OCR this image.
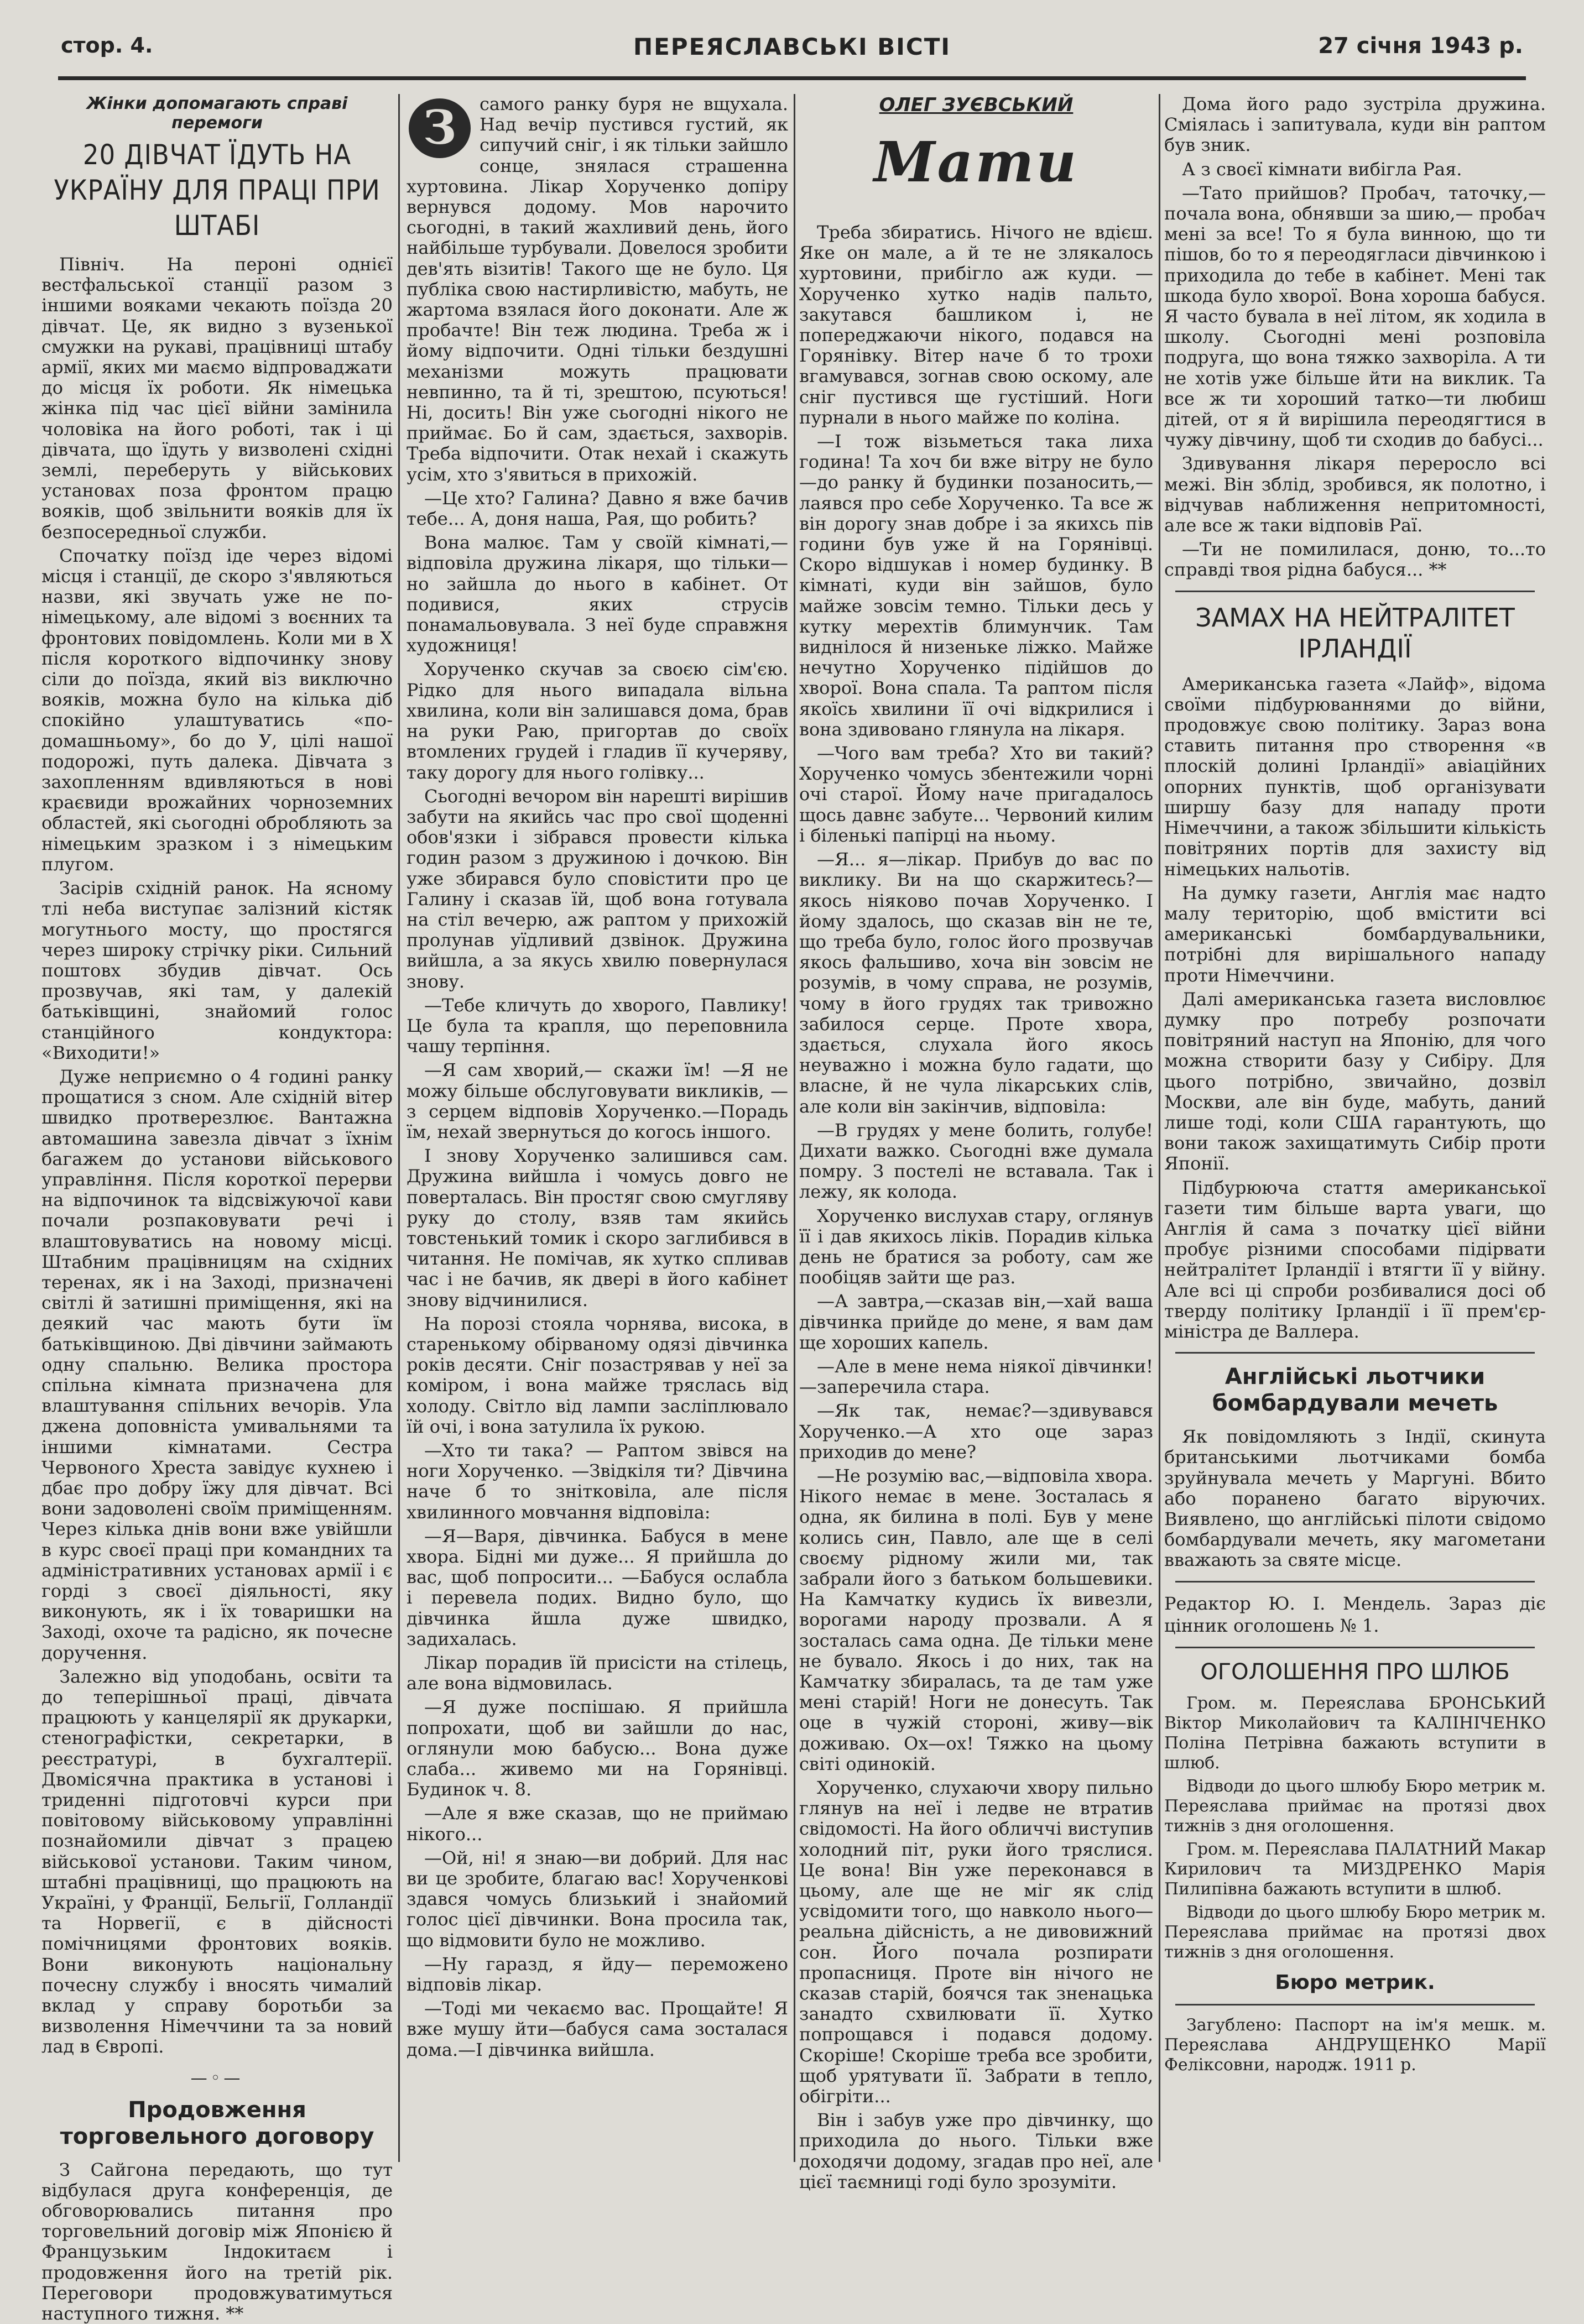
стор. 4.	ПЕРЕЯСЛАВСЬКІ ВІСТІ	27 січня 1943 р.
Жінки допомагають справі перемоги
20 ДІВЧАТ ЇДУТЬ НА УКРАЇНУ ДЛЯ ПРАЦІ ПРИ ШТАБІ

Північ. На пероні однієї вестфальської станції разом з іншими вояками чекають поїзда 20 дівчат. Це, як видно з вузенької смужки на рукаві, працівниці штабу армії, яких ми маємо відпроваджати до місця їх роботи. Як німецька жінка під час цієї війни замінила чоловіка на його роботі, так і ці дівчата, що їдуть у визволені східні землі, переберуть у військових установах поза фронтом працю вояків, щоб звільнити вояків для їх безпосередньої служби.

Спочатку поїзд іде через відомі місця і станції, де скоро з'являються назви, які звучать уже не по-німецькому, але відомі з воєнних та фронтових повідомлень. Коли ми в Х після короткого відпочинку знову сіли до поїзда, який віз виключно вояків, можна було на кілька діб спокійно улаштуватись «по-домашньому», бо до У, цілі нашої подорожі, путь далека. Дівчата з захопленням вдивляються в нові краєвиди врожайних чорноземних областей, які сьогодні обробляють за німецьким зразком і з німецьким плугом.

Засірів східній ранок. На ясному тлі неба виступає залізний кістяк могутнього мосту, що простягся через широку стрічку ріки. Сильний поштовх збудив дівчат. Ось прозвучав, які там, у далекій батьківщині, знайомий голос станційного кондуктора: «Виходити!»

Дуже неприємно о 4 годині ранку прощатися з сном. Але східній вітер швидко протверезлює. Вантажна автомашина завезла дівчат з їхнім багажем до установи військового управління. Після короткої перерви на відпочинок та відсвіжуючої кави почали розпаковувати речі і влаштовуватись на новому місці. Штабним працівницям на східних теренах, як і на Заході, призначені світлі й затишні приміщення, які на деякий час мають бути їм батьківщиною. Дві дівчини займають одну спальню. Велика простора спільна кімната призначена для влаштування спільних вечорів. Ула джена доповніста умивальнями та іншими кімнатами. Сестра Червоного Хреста завідує кухнею і дбає про добру їжу для дівчат. Всі вони задоволені своїм приміщенням. Через кілька днів вони вже увійшли в курс своєї праці при командних та адміністративних установах армії і є горді з своєї діяльності, яку виконують, як і їх товаришки на Заході, охоче та радісно, як почесне доручення.

Залежно від уподобань, освіти та до теперішньої праці, дівчата працюють у канцелярії як друкарки, стенографістки, секретарки, в реєстратурі, в бухгалтерії. Двомісячна практика в установі і триденні підготовчі курси при повітовому військовому управлінні познайомили дівчат з працею військової установи. Таким чином, штабні працівниці, що працюють на Україні, у Франції, Бельгії, Голландії та Норвегії, є в дійсності помічницями фронтових вояків. Вони виконують національну почесну службу і вносять чималий вклад у справу боротьби за визволення Німеччини та за новий лад в Європі.

—◦—
Продовження торговельного договору

З Сайгона передають, що тут відбулася друга конференція, де обговорювались питання про торговельний договір між Японією й Французьким Індокитаєм і продовження його на третій рік. Переговори продовжуватимуться наступного тижня. **

З	самого ранку буря не вщухала. Над вечір пустився густий, як сипучий сніг, і як тільки зайшло сонце, знялася страшенна хуртовина. Лікар Хорученко допіру вернувся додому. Мов нарочито сьогодні, в такий жахливий день, його найбільше турбували. Довелося зробити дев'ять візитів! Такого ще не було. Ця публіка свою настирливістю, мабуть, не жартома взялася його доконати. Але ж пробачте! Він теж людина. Треба ж і йому відпочити. Одні тільки бездушні механізми можуть працювати невпинно, та й ті, зрештою, псуються! Ні, досить! Він уже сьогодні нікого не приймає. Бо й сам, здається, захворів. Треба відпочити. Отак нехай і скажуть усім, хто з'явиться в прихожій.

—Це хто? Галина? Давно я вже бачив тебе... А, доня наша, Рая, що робить?

Вона малює. Там у своїй кімнаті,— відповіла дружина лікаря, що тільки— но зайшла до нього в кабінет. От подивися, яких струсів понамальовувала. З неї буде справжня художниця!

Хорученко скучав за своєю сім'єю. Рідко для нього випадала вільна хвилина, коли він залишався дома, брав на руки Раю, пригортав до своїх втомлених грудей і гладив її кучеряву, таку дорогу для нього голівку...

Сьогодні вечором він нарешті вирішив забути на якийсь час про свої щоденні обов'язки і зібрався провести кілька годин разом з дружиною і дочкою. Він уже збирався було сповістити про це Галину і сказав їй, щоб вона готувала на стіл вечерю, аж раптом у прихожій пролунав уїдливий дзвінок. Дружина вийшла, а за якусь хвилю повернулася знову.

—Тебе кличуть до хворого, Павлику! Це була та крапля, що переповнила чашу терпіння.

—Я сам хворий,— скажи їм! —Я не можу більше обслуговувати викликів, —з серцем відповів Хорученко.—Порадь їм, нехай звернуться до когось іншого.

І знову Хорученко залишився сам. Дружина вийшла і чомусь довго не поверталась. Він простяг свою смугляву руку до столу, взяв там якийсь товстенький томик і скоро заглибився в читання. Не помічав, як хутко спливав час і не бачив, як двері в його кабінет знову відчинилися.

На порозі стояла чорнява, висока, в старенькому обірваному одязі дівчинка років десяти. Сніг позастрявав у неї за коміром, і вона майже тряслась від холоду. Світло від лампи засліплювало їй очі, і вона затулила їх рукою.

—Хто ти така? — Раптом звівся на ноги Хорученко. —Звідкіля ти? Дівчина наче б то знітковіла, але після хвилинного мовчання відповіла:

—Я—Варя, дівчинка. Бабуся в мене хвора. Бідні ми дуже... Я прийшла до вас, щоб попросити... —Бабуся ослабла і перевела подих. Видно було, що дівчинка йшла дуже швидко, задихалась.

Лікар порадив їй присісти на стілець, але вона відмовилась.

—Я дуже поспішаю. Я прийшла попрохати, щоб ви зайшли до нас, оглянули мою бабусю... Вона дуже слаба... живемо ми на Горянівці. Будинок ч. 8.

—Але я вже сказав, що не приймаю нікого...

—Ой, ні! я знаю—ви добрий. Для нас ви це зробите, благаю вас! Хорученкові здався чомусь близький і знайомий голос цієї дівчинки. Вона просила так, що відмовити було не можливо.

—Ну гаразд, я йду— переможено відповів лікар.

—Тоді ми чекаємо вас. Прощайте! Я вже мушу йти—бабуся сама зосталася дома.—І дівчинка вийшла.

ОЛЕГ ЗУЄВСЬКИЙ
Мати

Треба збиратись. Нічого не вдієш. Яке он мале, а й те не злякалось хуртовини, прибігло аж куди. —Хорученко хутко надів пальто, закутався башликом і, не попереджаючи нікого, подався на Горянівку. Вітер наче б то трохи вгамувався, зогнав свою оскому, але сніг пустився ще густіший. Ноги пурнали в нього майже по коліна.

—І тож візьметься така лиха година! Та хоч би вже вітру не було—до ранку й будинки позаносить,— лаявся про себе Хорученко. Та все ж він дорогу знав добре і за якихсь пів години був уже й на Горянівці. Скоро відшукав і номер будинку. В кімнаті, куди він зайшов, було майже зовсім темно. Тільки десь у кутку мерехтів блимунчик. Там виднілося й низеньке ліжко. Майже нечутно Хорученко підійшов до хворої. Вона спала. Та раптом після якоїсь хвилини її очі відкрилися і вона здивовано глянула на лікаря.

—Чого вам треба? Хто ви такий? Хорученко чомусь збентежили чорні очі старої. Йому наче пригадалось щось давнє забуте... Червоний килим і біленькі папірці на ньому.

—Я... я—лікар. Прибув до вас по виклику. Ви на що скаржитесь?— якось ніяково почав Хорученко. І йому здалось, що сказав він не те, що треба було, голос його прозвучав якось фальшиво, хоча він зовсім не розумів, в чому справа, не розумів, чому в його грудях так тривожно забилося серце. Проте хвора, здається, слухала його якось неуважно і можна було гадати, що власне, й не чула лікарських слів, але коли він закінчив, відповіла:

—В грудях у мене болить, голубе! Дихати важко. Сьогодні вже думала помру. З постелі не вставала. Так і лежу, як колода.

Хорученко вислухав стару, оглянув її і дав якихось ліків. Порадив кілька день не братися за роботу, сам же пообіцяв зайти ще раз.

—А завтра,—сказав він,—хай ваша дівчинка прийде до мене, я вам дам ще хороших капель.

—Але в мене нема ніякої дівчинки! —заперечила стара.

—Як так, немає?—здивувався Хорученко.—А хто оце зараз приходив до мене?

—Не розумію вас,—відповіла хвора. Нікого немає в мене. Зосталась я одна, як билина в полі. Був у мене колись син, Павло, але ще в селі своєму рідному жили ми, так забрали його з батьком большевики. На Камчатку кудись їх вивезли, ворогами народу прозвали. А я зосталась сама одна. Де тільки мене не бувало. Якось і до них, так на Камчатку збиралась, та де там уже мені старій! Ноги не донесуть. Так оце в чужій стороні, живу—вік доживаю. Ох—ох! Тяжко на цьому світі одинокій.

Хорученко, слухаючи хвору пильно глянув на неї і ледве не втратив свідомості. На його обличчі виступив холодний піт, руки його тряслися. Це вона! Він уже переконався в цьому, але ще не міг як слід усвідомити того, що навколо нього—реальна дійсність, а не дивовижний сон. Його почала розпирати пропасниця. Проте він нічого не сказав старій, боячся так зненацька занадто схвилювати її. Хутко попрощався і подався додому. Скоріше! Скоріше треба все зробити, щоб урятувати її. Забрати в тепло, обігріти...

Він і забув уже про дівчинку, що приходила до нього. Тільки вже доходячи додому, згадав про неї, але цієї таємниці годі було зрозуміти.

Дома його радо зустріла дружина. Сміялась і запитувала, куди він раптом був зник.

А з своєї кімнати вибігла Рая.

—Тато прийшов? Пробач, таточку,— почала вона, обнявши за шию,— пробач мені за все! То я була винною, що ти пішов, бо то я переодягласи дівчинкою і приходила до тебе в кабінет. Мені так шкода було хворої. Вона хороша бабуся. Я часто бувала в неї літом, як ходила в школу. Сьогодні мені розповіла подруга, що вона тяжко захворіла. А ти не хотів уже більше йти на виклик. Та все ж ти хороший татко—ти любиш дітей, от я й вирішила переодягтися в чужу дівчину, щоб ти сходив до бабусі...

Здивування лікаря переросло всі межі. Він зблід, зробився, як полотно, і відчував наближення непритомності, але все ж таки відповів Раї.

—Ти не помилилася, доню, то...то справді твоя рідна бабуся... **

ЗАМАХ НА НЕЙТРАЛІТЕТ ІРЛАНДІЇ

Американська газета «Лайф», відома своїми підбурюваннями до війни, продовжує свою політику. Зараз вона ставить питання про створення «в плоскій долині Ірландії» авіаційних опорних пунктів, щоб організувати ширшу базу для нападу проти Німеччини, а також збільшити кількість повітряних портів для захисту від німецьких нальотів.

На думку газети, Англія має надто малу територію, щоб вмістити всі американські бомбардувальники, потрібні для вирішального нападу проти Німеччини.

Далі американська газета висловлює думку про потребу розпочати повітряний наступ на Японію, для чого можна створити базу у Сибіру. Для цього потрібно, звичайно, дозвіл Москви, але він буде, мабуть, даний лише тоді, коли США гарантують, що вони також захищатимуть Сибір проти Японії.

Підбурююча стаття американської газети тим більше варта уваги, що Англія й сама з початку цієї війни пробує різними способами підірвати нейтралітет Ірландії і втягти її у війну. Але всі ці спроби розбивалися досі об тверду політику Ірландії і її прем'єр-міністра де Валлера.

Англійські льотчики бомбардували мечеть

Як повідомляють з Індії, скинута британськими льотчиками бомба зруйнувала мечеть у Маргуні. Вбито або поранено багато віруючих. Виявлено, що англійські пілоти свідомо бомбардували мечеть, яку магометани вважають за святе місце.

Редактор Ю. І. Мендель. Зараз діє цінник оголошень № 1.
ОГОЛОШЕННЯ ПРО ШЛЮБ
Гром. м. Переяслава БРОНСЬКИЙ Віктор Миколайович та КАЛІНІЧЕНКО Поліна Петрівна бажають вступити в шлюб.
Відводи до цього шлюбу Бюро метрик м. Переяслава приймає на протязі двох тижнів з дня оголошення.
Гром. м. Переяслава ПАЛАТНИЙ Макар Кирилович та МИЗДРЕНКО Марія Пилипівна бажають вступити в шлюб.
Відводи до цього шлюбу Бюро метрик м. Переяслава приймає на протязі двох тижнів з дня оголошення.
Бюро метрик.
Загублено: Паспорт на ім'я мешк. м. Переяслава АНДРУЩЕНКО Марії Феліксовни, народж. 1911 р.
